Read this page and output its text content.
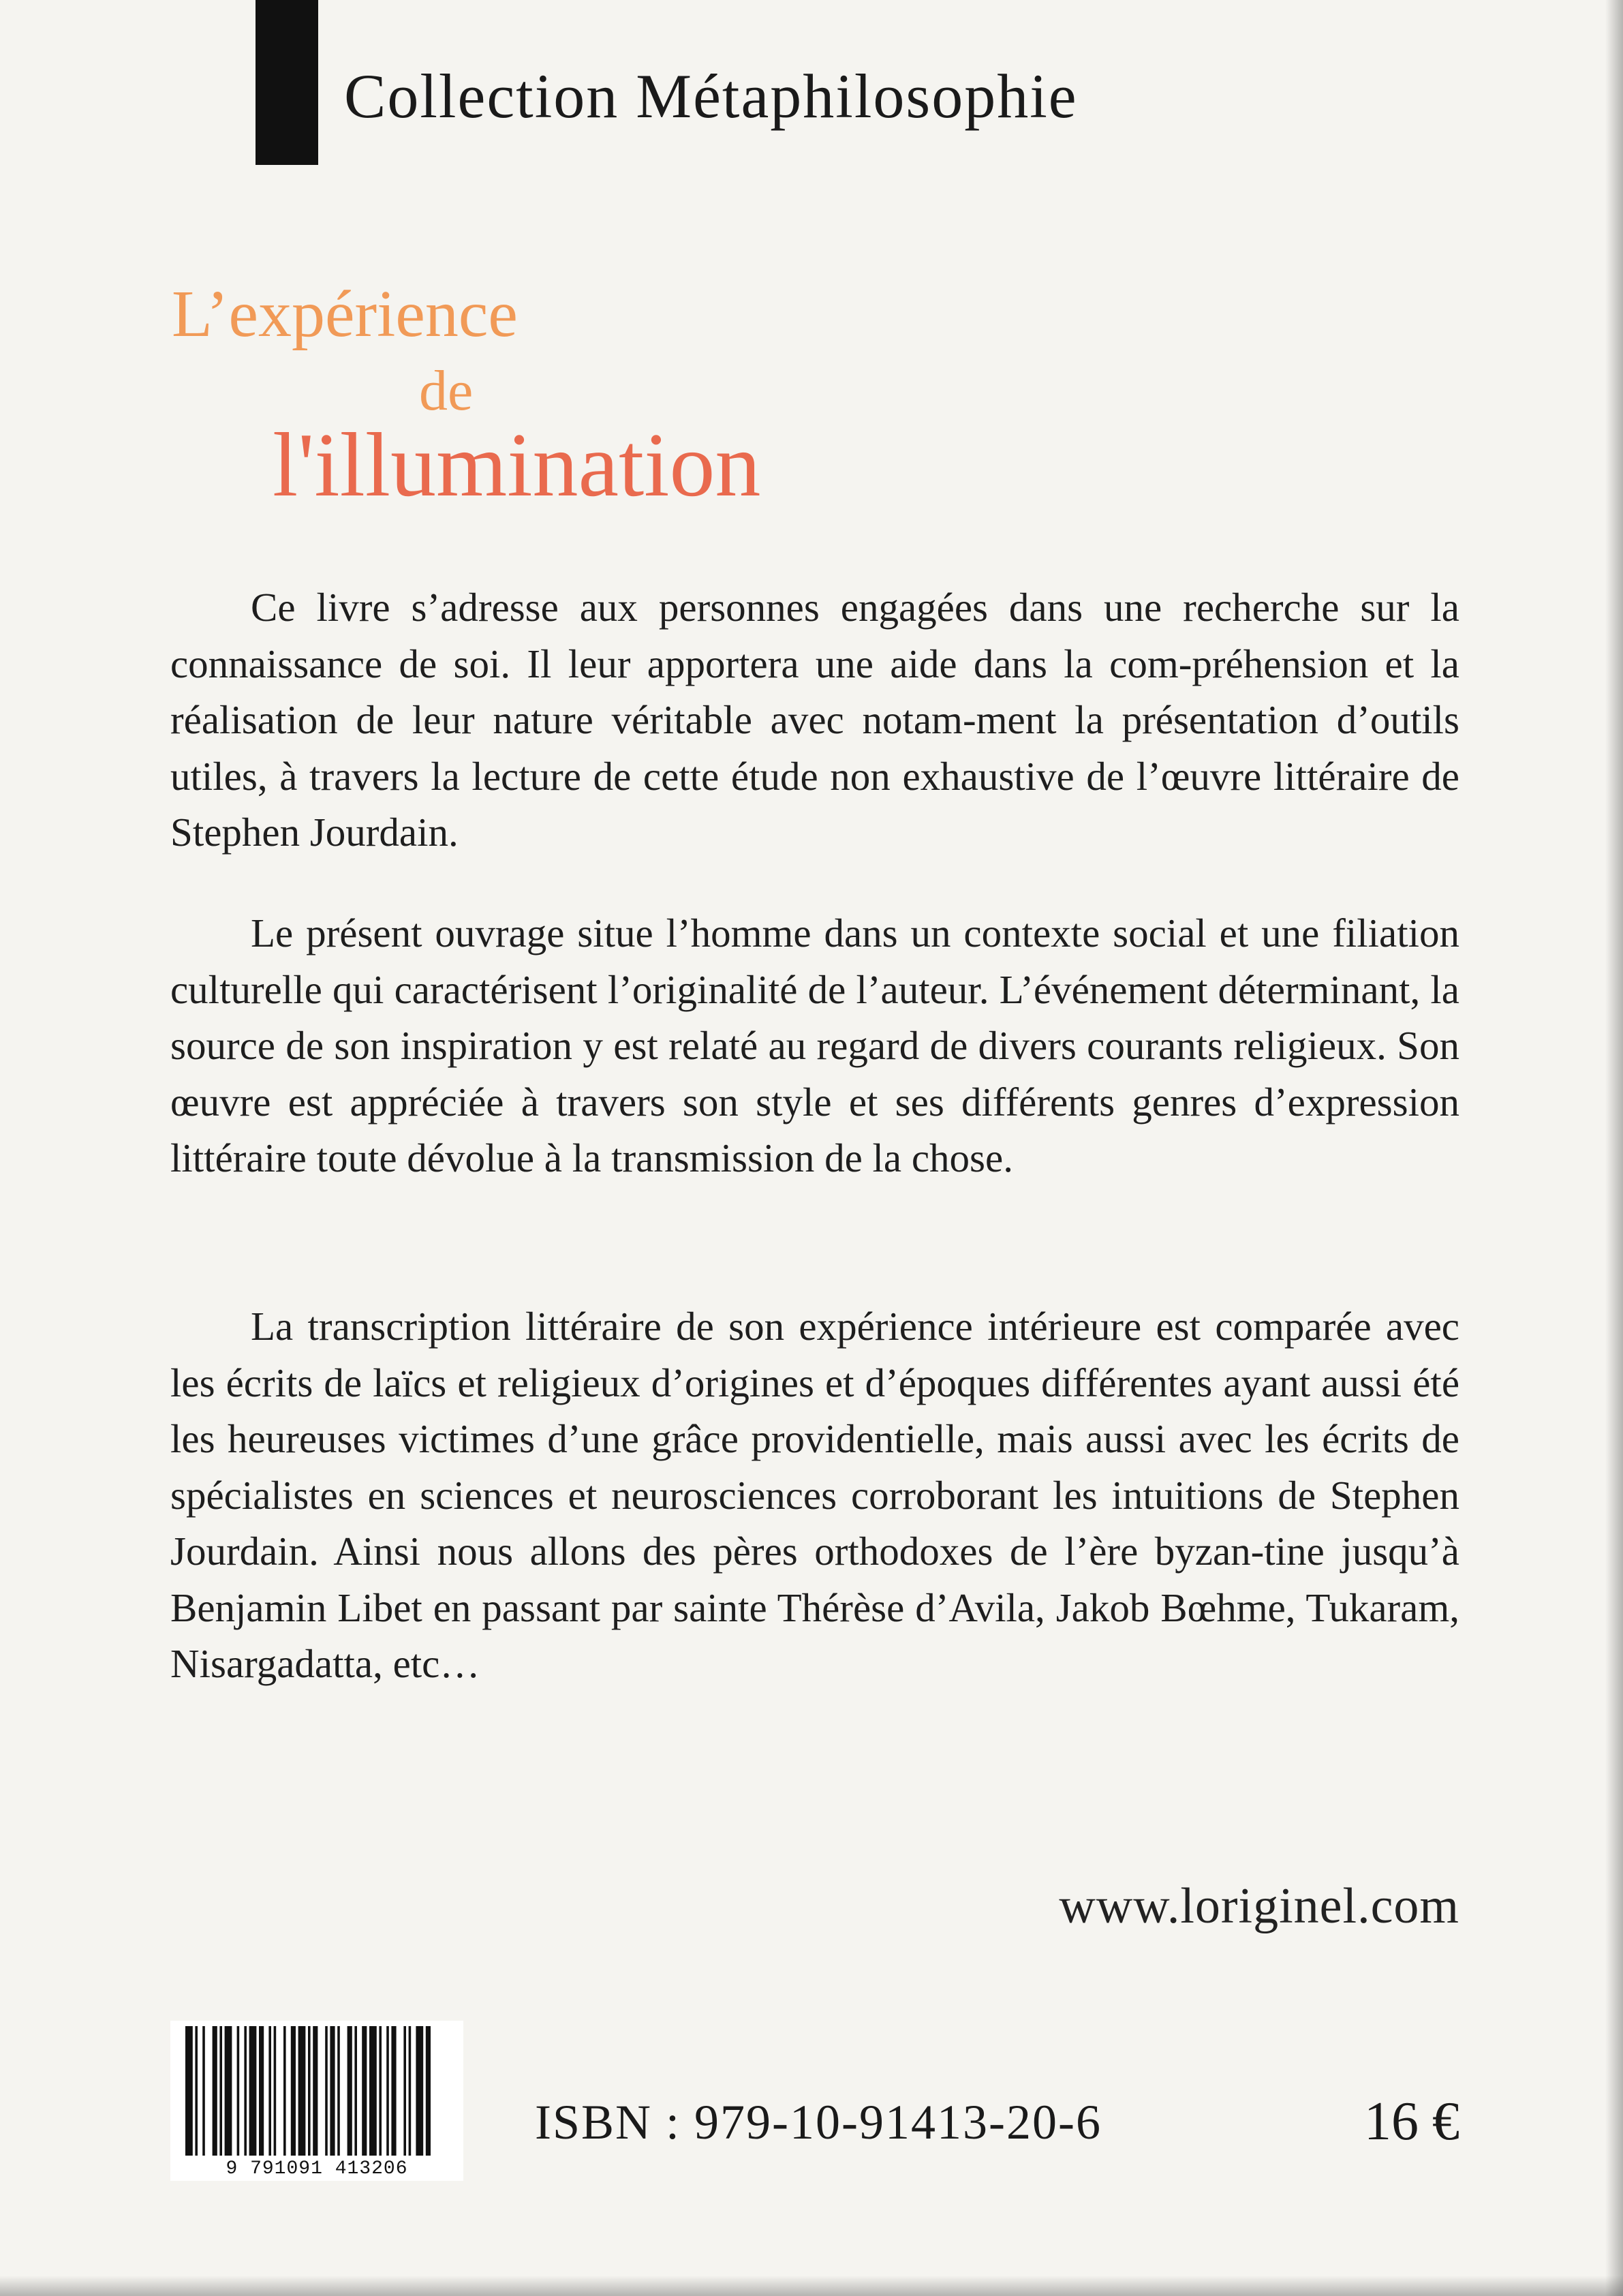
Collection Métaphilosophie
L’expérience
de
l'illumination

  Ce livre s’adresse aux personnes engagées dans une recherche sur la connaissance de soi. Il leur apportera une aide dans la com-préhension et la réalisation de leur nature véritable avec notam-ment la présentation d’outils utiles, à travers la lecture de cette étude non exhaustive de l’œuvre littéraire de Stephen Jourdain.

  Le présent ouvrage situe l’homme dans un contexte social et une filiation culturelle qui caractérisent l’originalité de l’auteur. L’événement déterminant, la source de son inspiration y est relaté au regard de divers courants religieux. Son œuvre est appréciée à travers son style et ses différents genres d’expression littéraire toute dévolue à la transmission de la chose.

  La transcription littéraire de son expérience intérieure est comparée avec les écrits de laïcs et religieux d’origines et d’époques différentes ayant aussi été les heureuses victimes d’une grâce providentielle, mais aussi avec les écrits de spécialistes en sciences et neurosciences corroborant les intuitions de Stephen Jourdain. Ainsi nous allons des pères orthodoxes de l’ère byzan-tine jusqu’à Benjamin Libet en passant par sainte Thérèse d’Avila, Jakob Bœhme, Tukaram, Nisargadatta, etc…

www.loriginel.com
9 791091 413206
ISBN : 979-10-91413-20-6	16 €
